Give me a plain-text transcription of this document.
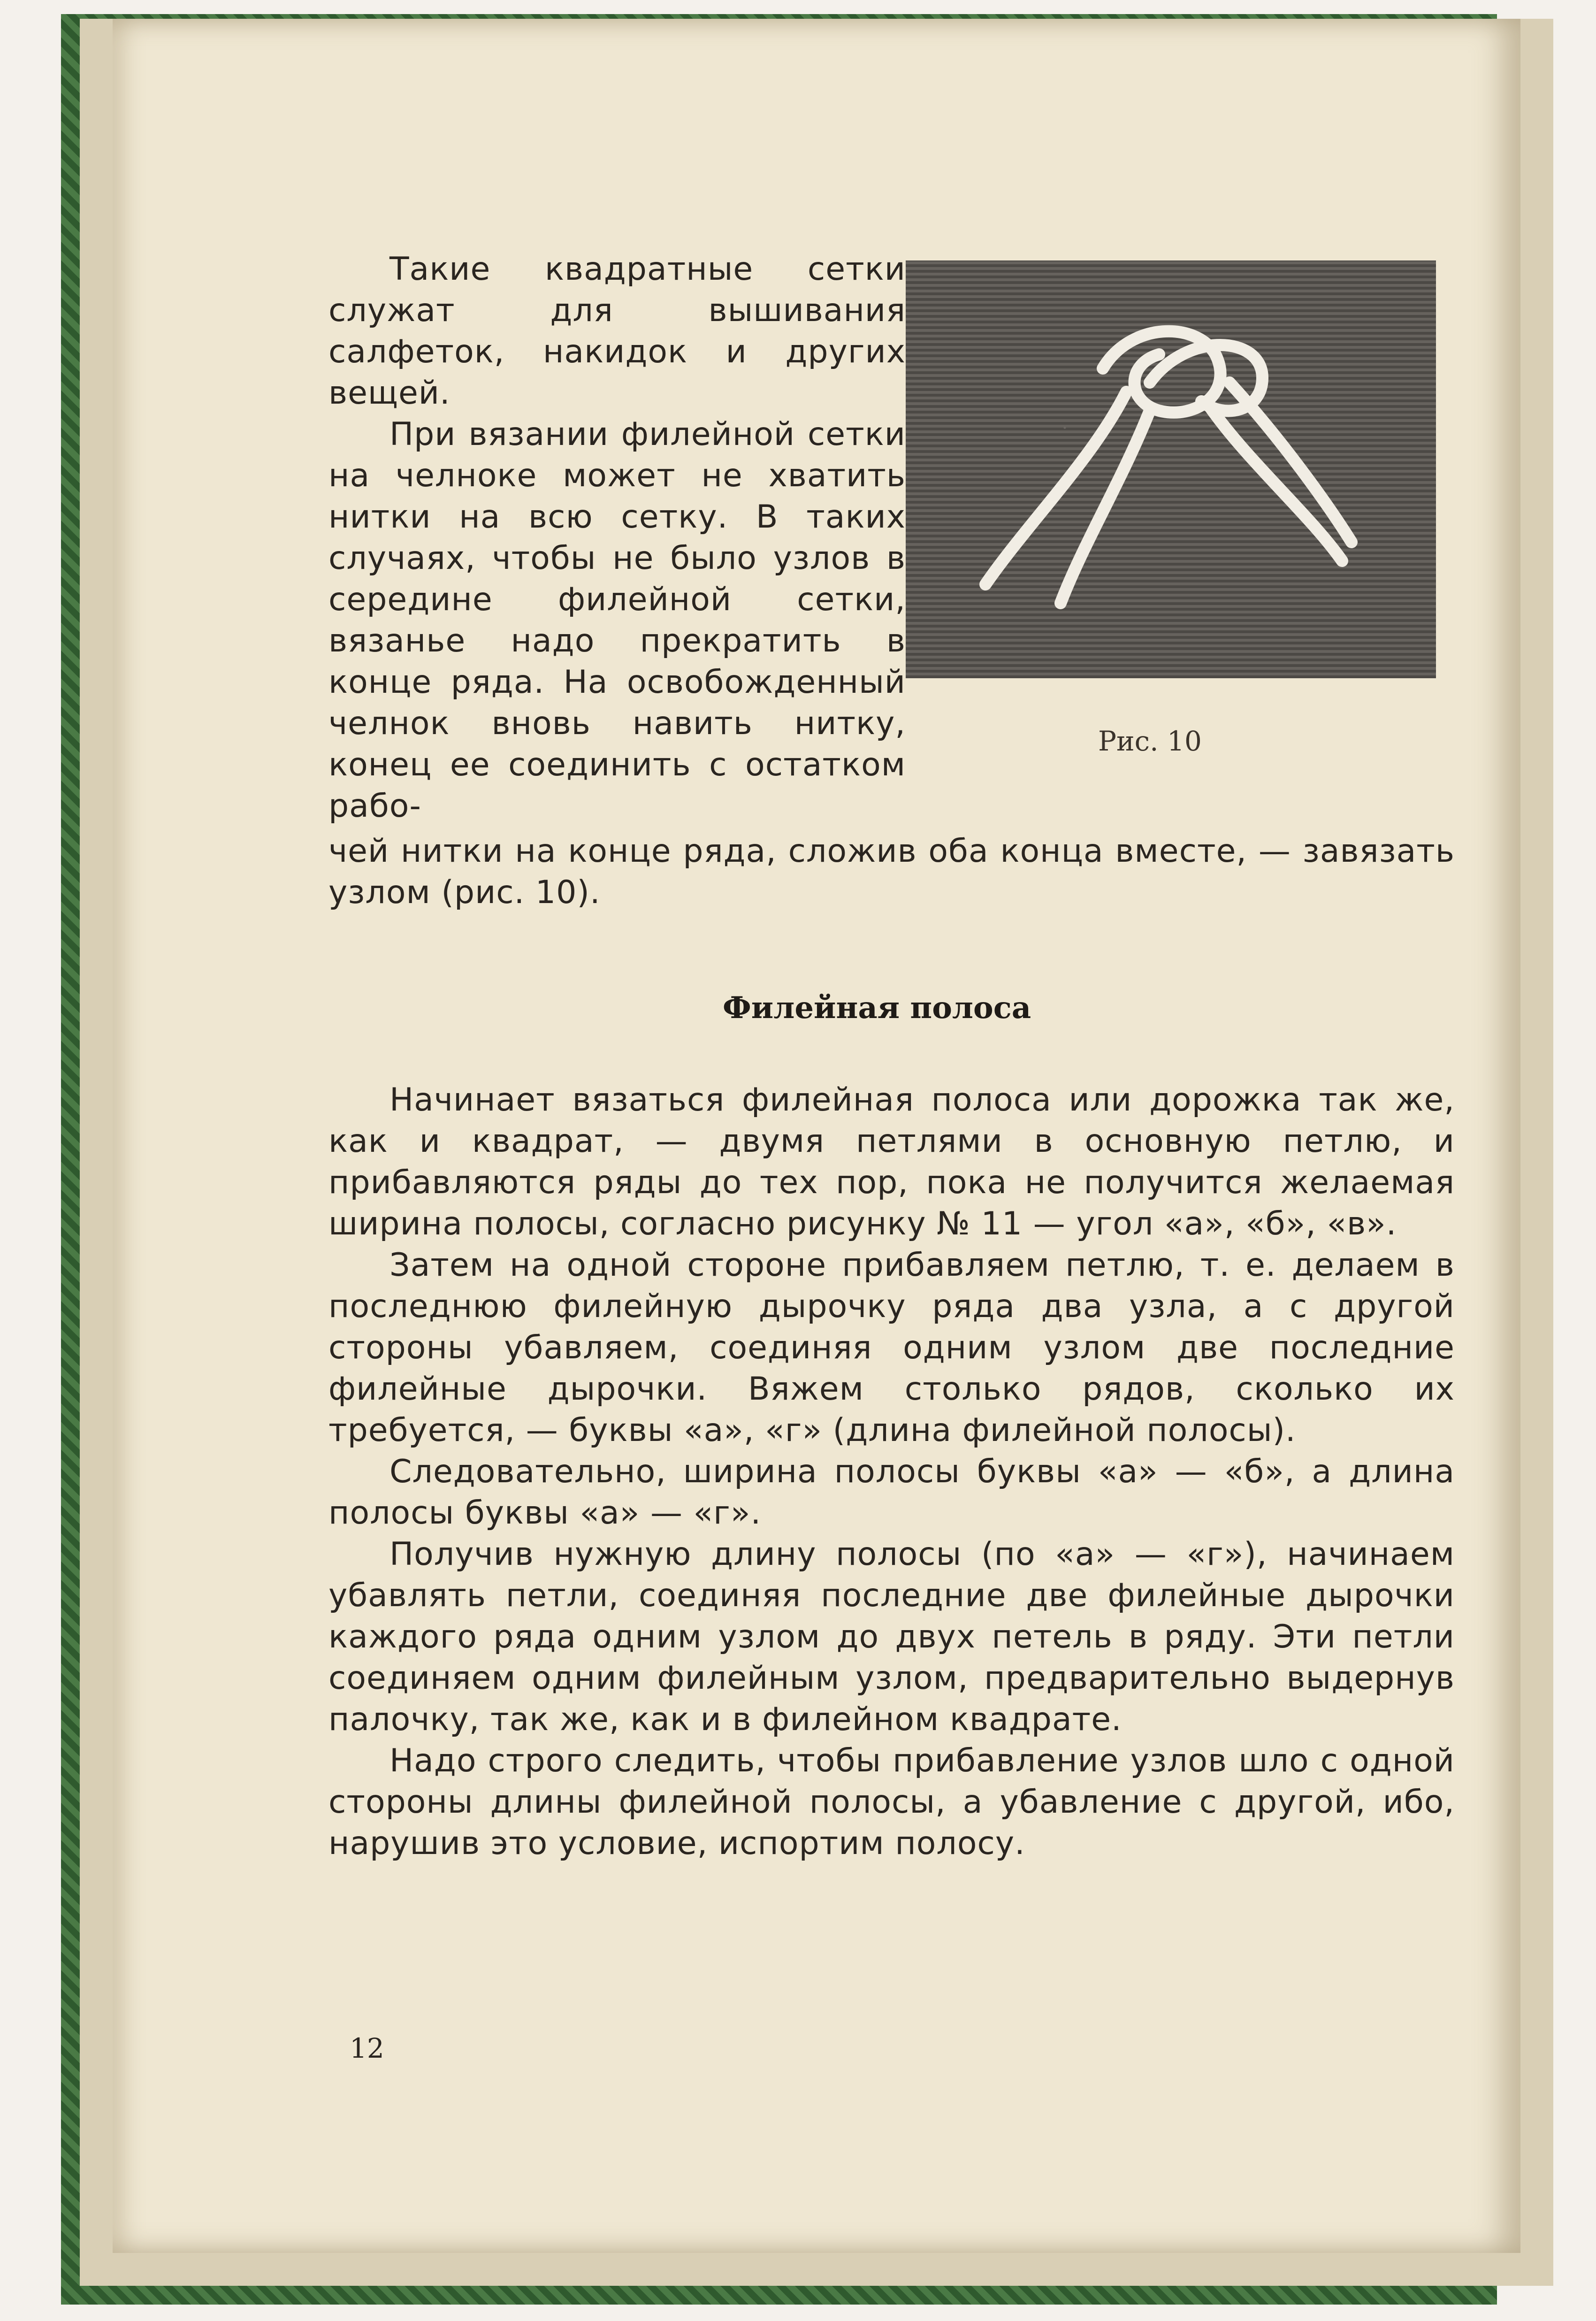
Такие квадратные сетки служат для вышивания салфеток, накидок и других вещей.

При вязании филейной сетки на челноке может не хватить нитки на всю сетку. В таких случаях, чтобы не было узлов в середине филейной сетки, вязанье надо прекратить в конце ряда. На освобожденный челнок вновь навить нитку, конец ее соединить с остатком рабо-

Рис. 10

чей нитки на конце ряда, сложив оба конца вместе, — завязать узлом (рис. 10).

Филейная полоса

Начинает вязаться филейная полоса или дорожка так же, как и квадрат, — двумя петлями в основную петлю, и прибавляются ряды до тех пор, пока не получится желаемая ширина полосы, согласно рисунку № 11 — угол «а», «б», «в».

Затем на одной стороне прибавляем петлю, т. е. делаем в последнюю филейную дырочку ряда два узла, а с другой стороны убавляем, соединяя одним узлом две последние филейные дырочки. Вяжем столько рядов, сколько их требуется, — буквы «а», «г» (длина филейной полосы).

Следовательно, ширина полосы буквы «а» — «б», а длина полосы буквы «а» — «г».

Получив нужную длину полосы (по «а» — «г»), начинаем убавлять петли, соединяя последние две филейные дырочки каждого ряда одним узлом до двух петель в ряду. Эти петли соединяем одним филейным узлом, предварительно выдернув палочку, так же, как и в филейном квадрате.

Надо строго следить, чтобы прибавление узлов шло с одной стороны длины филейной полосы, а убавление с другой, ибо, нарушив это условие, испортим полосу.

12
